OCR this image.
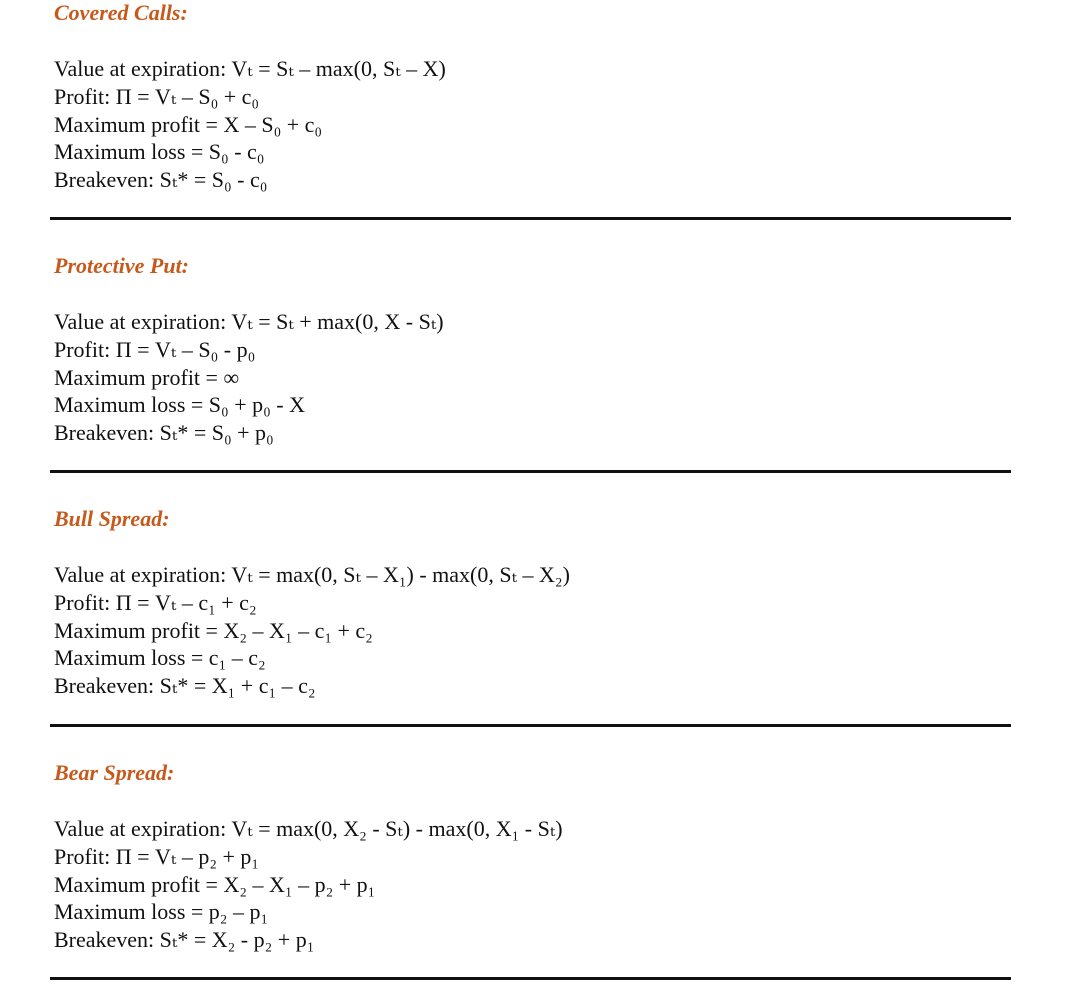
Covered Calls:
Value at expiration: Vₜ = Sₜ – max(0, Sₜ – X)
Profit: Π = Vₜ – S₀ + c₀
Maximum profit = X – S₀ + c₀
Maximum loss = S₀ - c₀
Breakeven: Sₜ* = S₀ - c₀
Protective Put:
Value at expiration: Vₜ = Sₜ + max(0, X - Sₜ)
Profit: Π = Vₜ – S₀ - p₀
Maximum profit = ∞
Maximum loss = S₀ + p₀ - X
Breakeven: Sₜ* = S₀ + p₀
Bull Spread:
Value at expiration: Vₜ = max(0, Sₜ – X₁) - max(0, Sₜ – X₂)
Profit: Π = Vₜ – c₁ + c₂
Maximum profit = X₂ – X₁ – c₁ + c₂
Maximum loss = c₁ – c₂
Breakeven: Sₜ* = X₁ + c₁ – c₂
Bear Spread:
Value at expiration: Vₜ = max(0, X₂ - Sₜ) - max(0, X₁ - Sₜ)
Profit: Π = Vₜ – p₂ + p₁
Maximum profit = X₂ – X₁ – p₂ + p₁
Maximum loss = p₂ – p₁
Breakeven: Sₜ* = X₂ - p₂ + p₁
